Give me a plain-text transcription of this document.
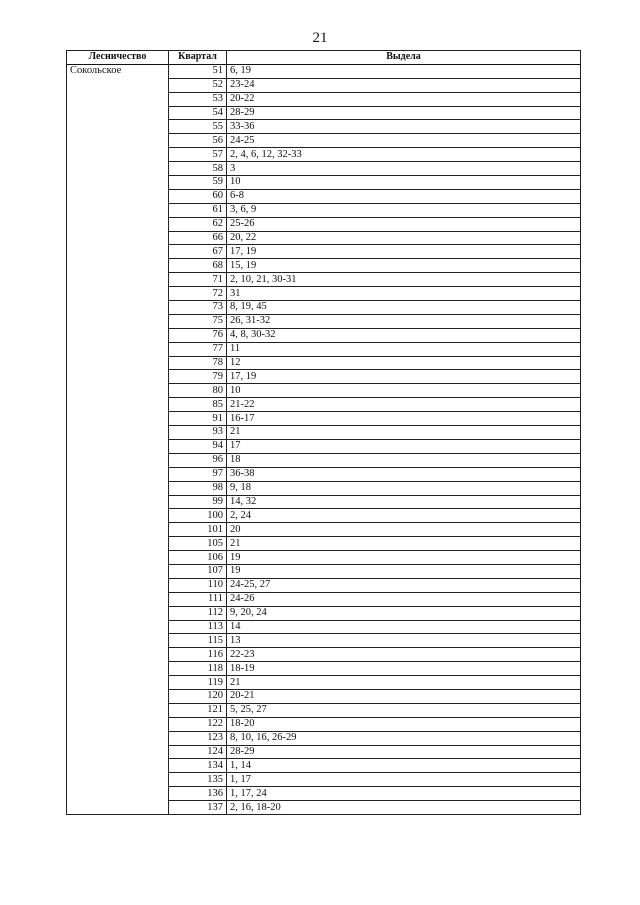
21
Лесничество	Квартал	Выдела
Сокольское	51	6, 19
	52	23-24
	53	20-22
	54	28-29
	55	33-36
	56	24-25
	57	2, 4, 6, 12, 32-33
	58	3
	59	10
	60	6-8
	61	3, 6, 9
	62	25-26
	66	20, 22
	67	17, 19
	68	15, 19
	71	2, 10, 21, 30-31
	72	31
	73	8, 19, 45
	75	26, 31-32
	76	4, 8, 30-32
	77	11
	78	12
	79	17, 19
	80	10
	85	21-22
	91	16-17
	93	21
	94	17
	96	18
	97	36-38
	98	9, 18
	99	14, 32
	100	2, 24
	101	20
	105	21
	106	19
	107	19
	110	24-25, 27
	111	24-26
	112	9, 20, 24
	113	14
	115	13
	116	22-23
	118	18-19
	119	21
	120	20-21
	121	5, 25, 27
	122	18-20
	123	8, 10, 16, 26-29
	124	28-29
	134	1, 14
	135	1, 17
	136	1, 17, 24
	137	2, 16, 18-20
